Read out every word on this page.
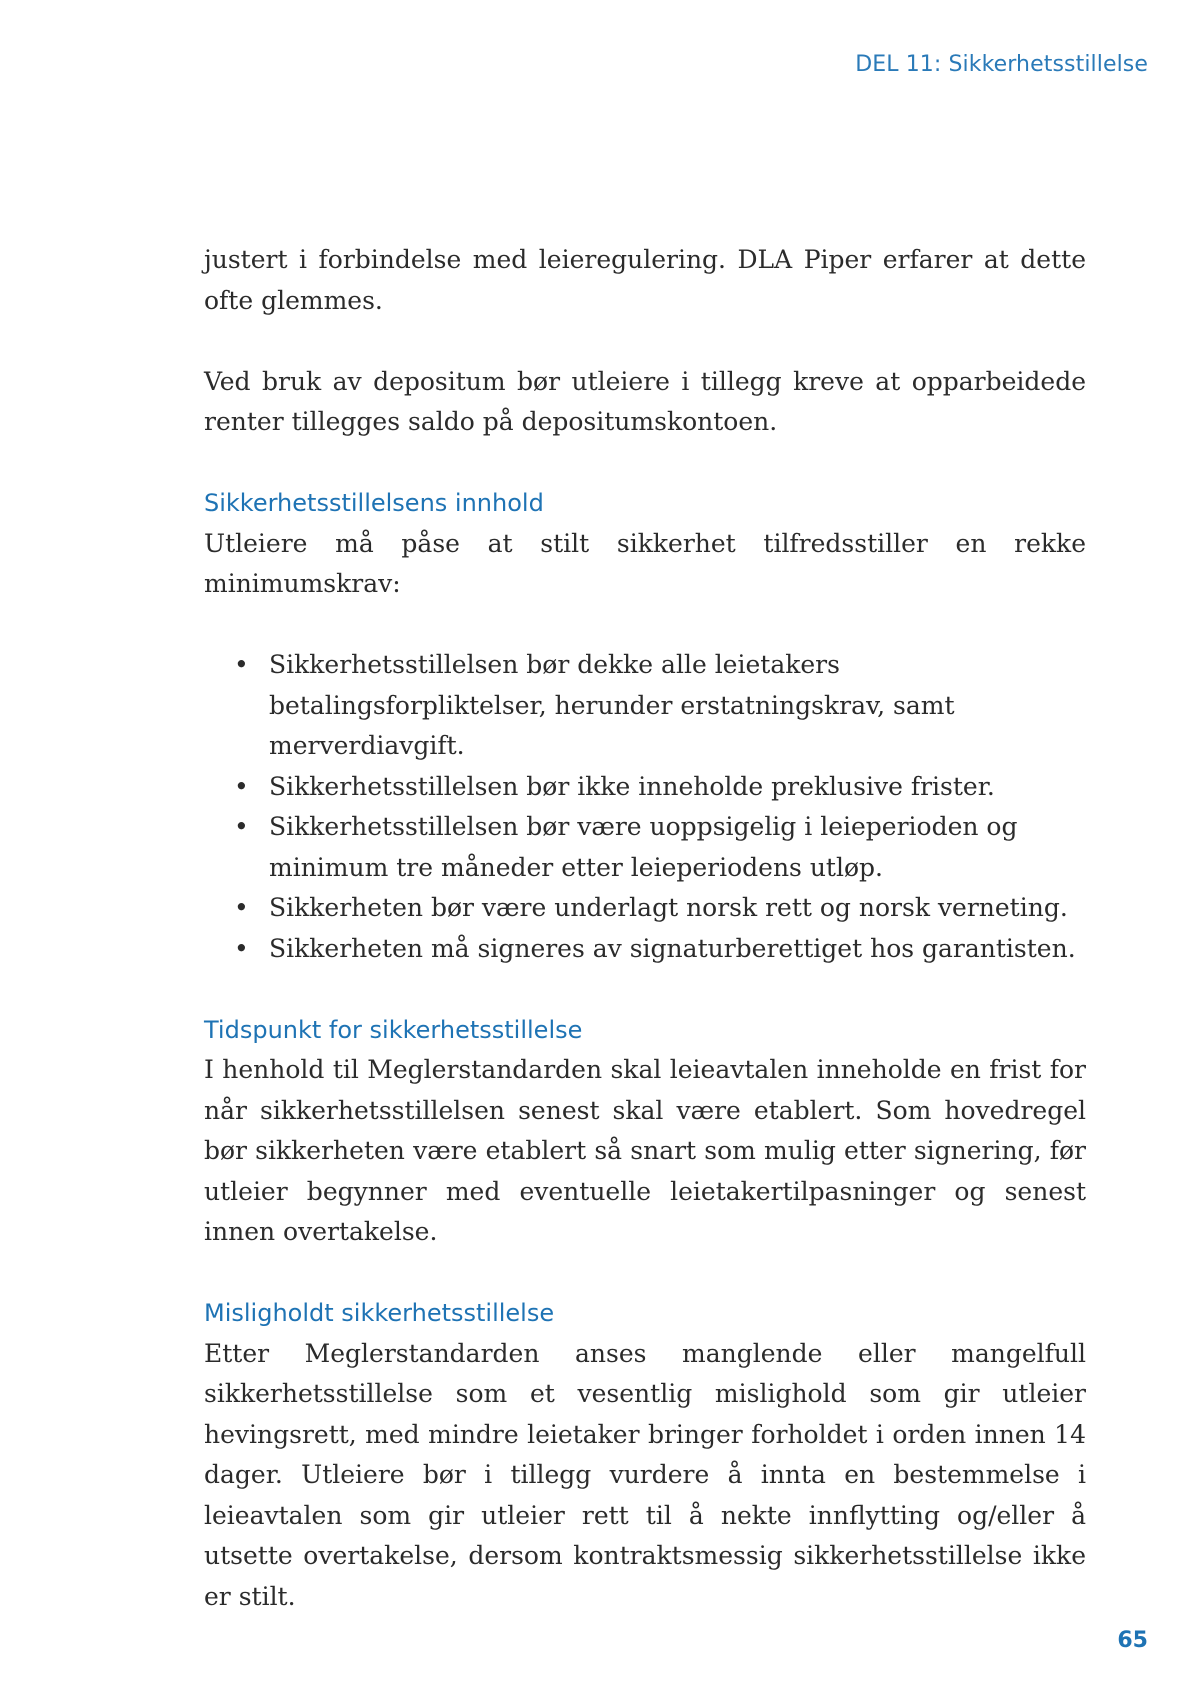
DEL 11: Sikkerhetsstillelse

justert i forbindelse med leieregulering. DLA Piper erfarer at dette ofte glemmes.

Ved bruk av depositum bør utleiere i tillegg kreve at opparbeidede renter tillegges saldo på depositumskontoen.

Sikkerhetsstillelsens innhold

Utleiere må påse at stilt sikkerhet tilfredsstiller en rekke minimumskrav:

• Sikkerhetsstillelsen bør dekke alle leietakers betalingsforpliktelser, herunder erstatningskrav, samt merverdiavgift.
• Sikkerhetsstillelsen bør ikke inneholde preklusive frister.
• Sikkerhetsstillelsen bør være uoppsigelig i leieperioden og minimum tre måneder etter leieperiodens utløp.
• Sikkerheten bør være underlagt norsk rett og norsk verneting.
• Sikkerheten må signeres av signaturberettiget hos garantisten.
Tidspunkt for sikkerhetsstillelse

I henhold til Meglerstandarden skal leieavtalen inneholde en frist for når sikkerhetsstillelsen senest skal være etablert. Som hovedregel bør sikkerheten være etablert så snart som mulig etter signering, før utleier begynner med eventuelle leietakertilpasninger og senest innen overtakelse.

Misligholdt sikkerhetsstillelse

Etter Meglerstandarden anses manglende eller mangelfull sikkerhetsstillelse som et vesentlig mislighold som gir utleier hevingsrett, med mindre leietaker bringer forholdet i orden innen 14 dager. Utleiere bør i tillegg vurdere å innta en bestemmelse i leieavtalen som gir utleier rett til å nekte innflytting og/eller å utsette overtakelse, dersom kontraktsmessig sikkerhetsstillelse ikke er stilt.

65
